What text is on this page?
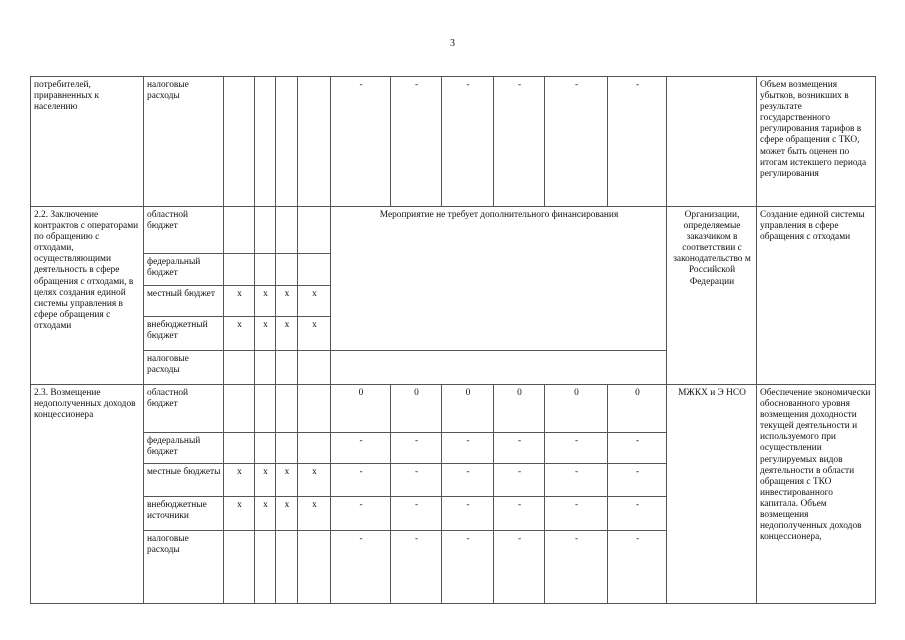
3
потребителей, приравненных к населению	налоговые расходы					-	-	-	-	-	-		Объем возмещения убытков, возникших в результате государственного регулирования тарифов в сфере обращения с ТКО, может быть оценен по итогам истекшего периода регулирования
2.2. Заключение контрактов с операторами по обращению с отходами, осуществляющими деятельность в сфере обращения с отходами, в целях создания единой системы управления в сфере обращения с отходами	областной бюджет					Мероприятие не требует дополнительного финансирования						Организации, определяемые заказчиком в соответствии с законодательство м Российской Федерации	Создание единой системы управления в сфере обращения с отходами
	федеральный бюджет												
	местный бюджет	x	x	x	x								
	внебюджетный бюджет	x	x	x	x								
	налоговые расходы												
2.3. Возмещение недополученных доходов концессионера	областной бюджет					0	0	0	0	0	0	МЖКХ и Э НСО	Обеспечение экономически обоснованного уровня возмещения доходности текущей деятельности и используемого при осуществлении регулируемых видов деятельности в области обращения с ТКО инвестированного капитала. Объем возмещения недополученных доходов концессионера,
	федеральный бюджет					-	-	-	-	-	-		
	местные бюджеты	x	x	x	x	-	-	-	-	-	-		
	внебюджетные источники	x	x	x	x	-	-	-	-	-	-		
	налоговые расходы					-	-	-	-	-	-		
